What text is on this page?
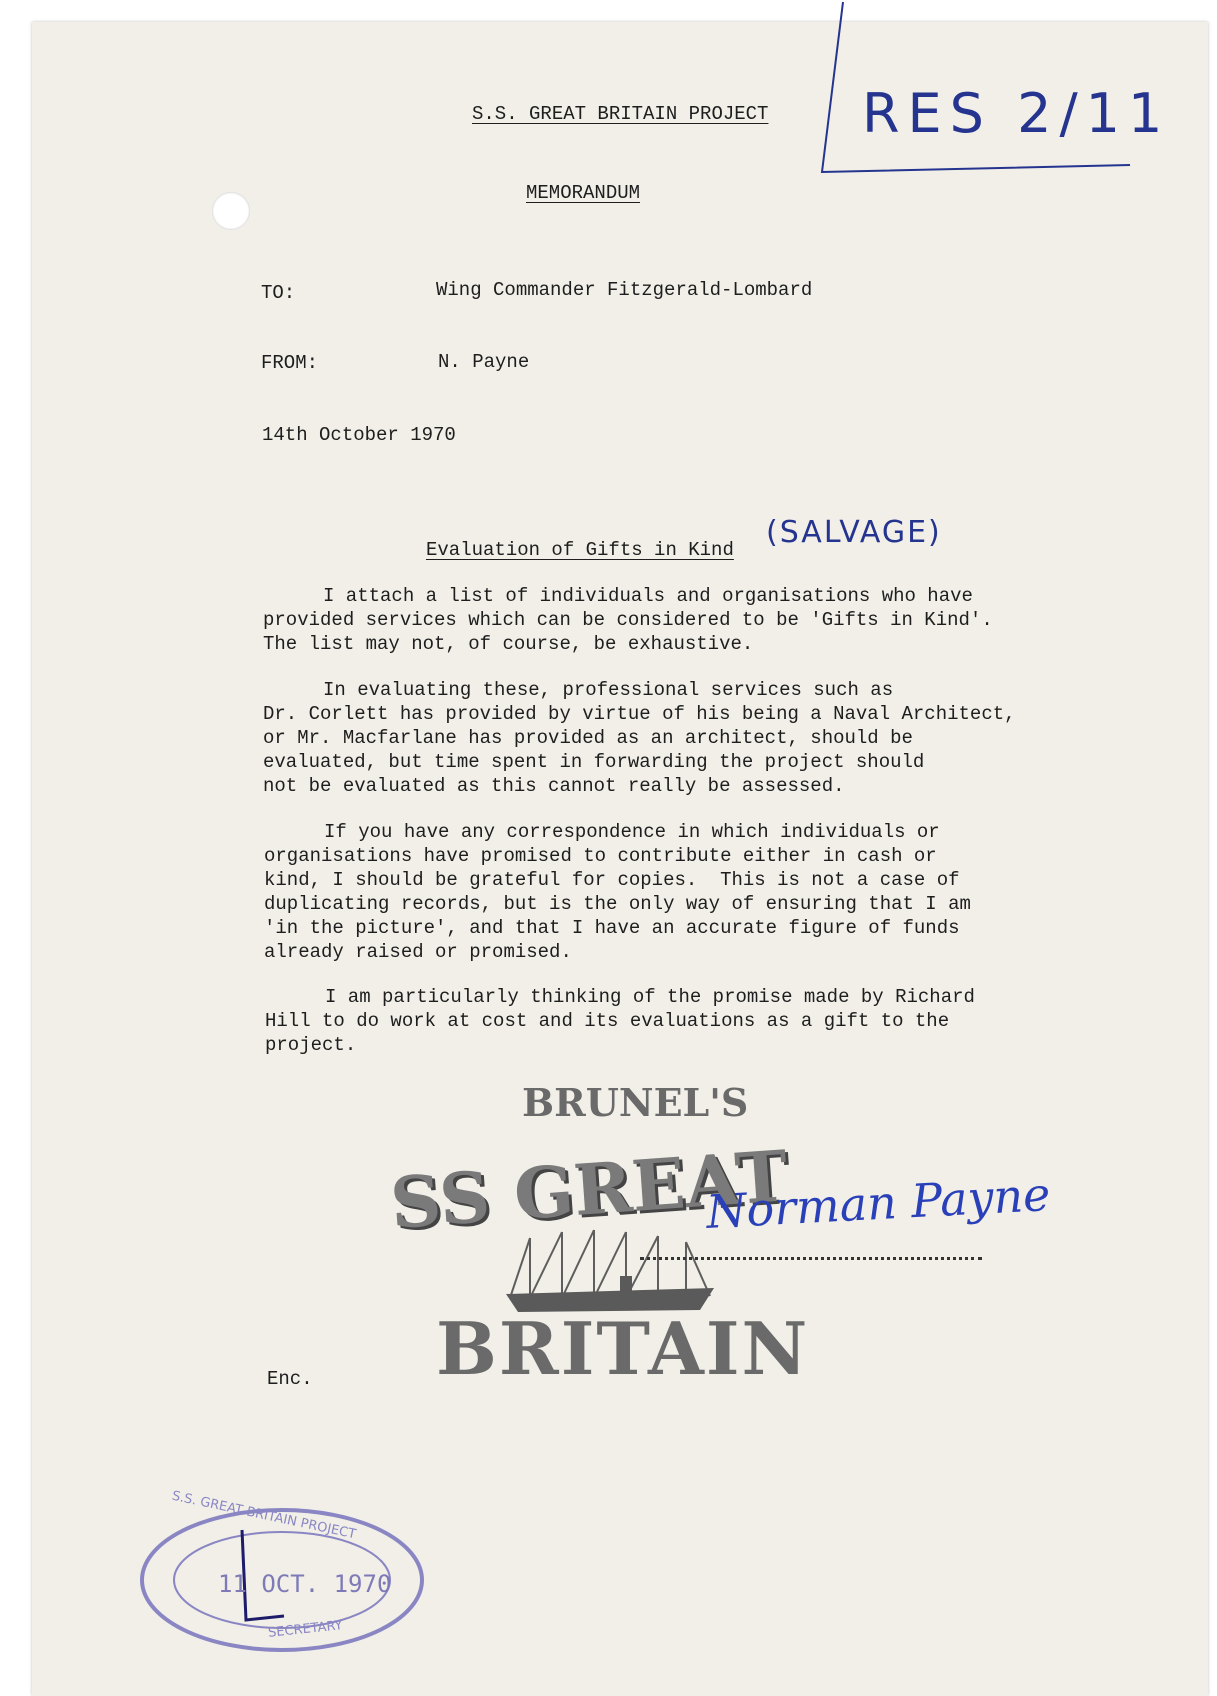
S.S. GREAT BRITAIN PROJECT
MEMORANDUM
RES 2/11
TO:	Wing Commander Fitzgerald-Lombard
FROM:	N. Payne
14th October 1970
Evaluation of Gifts in Kind (SALVAGE)
I attach a list of individuals and organisations who have
provided services which can be considered to be 'Gifts in Kind'.
The list may not, of course, be exhaustive.
In evaluating these, professional services such as
Dr. Corlett has provided by virtue of his being a Naval Architect,
or Mr. Macfarlane has provided as an architect, should be
evaluated, but time spent in forwarding the project should
not be evaluated as this cannot really be assessed.
If you have any correspondence in which individuals or
organisations have promised to contribute either in cash or
kind, I should be grateful for copies.  This is not a case of
duplicating records, but is the only way of ensuring that I am
'in the picture', and that I have an accurate figure of funds
already raised or promised.
I am particularly thinking of the promise made by Richard
Hill to do work at cost and its evaluations as a gift to the
project.
BRUNEL'S
SS GREAT
BRITAIN
Norman Payne
Enc.
S.S. GREAT BRITAIN PROJECT
11 OCT. 1970
SECRETARY
